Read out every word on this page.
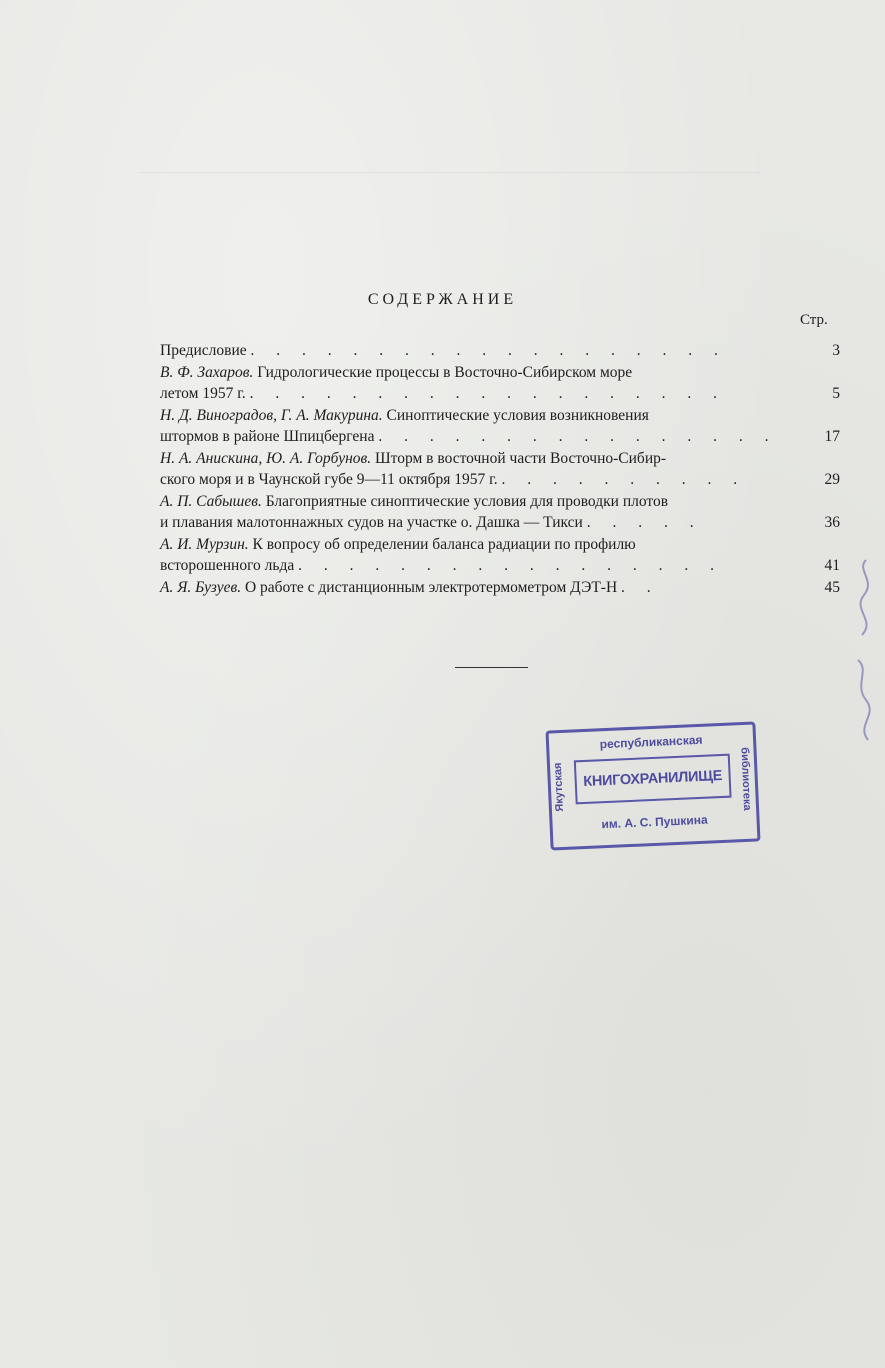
СОДЕРЖАНИЕ
Стр.
Предисловие . . . . . . . . . . . . . . . . . . .	3
В. Ф. Захаров. Гидрологические процессы в Восточно-Сибирском море
летом 1957 г. . . . . . . . . . . . . . . . . . . .	5
Н. Д. Виноградов, Г. А. Макурина. Синоптические условия возникновения
штормов в районе Шпицбергена . . . . . . . . . . . . . . . .	17
Н. А. Анискина, Ю. А. Горбунов. Шторм в восточной части Восточно-Сибир-
ского моря и в Чаунской губе 9—11 октября 1957 г. . . . . . . . . . .	29
А. П. Сабышев. Благоприятные синоптические условия для проводки плотов
и плавания малотоннажных судов на участке о. Дашка — Тикси . . . . .	36
А. И. Мурзин. К вопросу об определении баланса радиации по профилю
всторошенного льда . . . . . . . . . . . . . . . . .	41
А. Я. Бузуев. О работе с дистанционным электротермометром ДЭТ-Н . .	45
республиканская
КНИГОХРАНИЛИЩЕ
им. А. С. Пушкина
Якутская	библиотека
